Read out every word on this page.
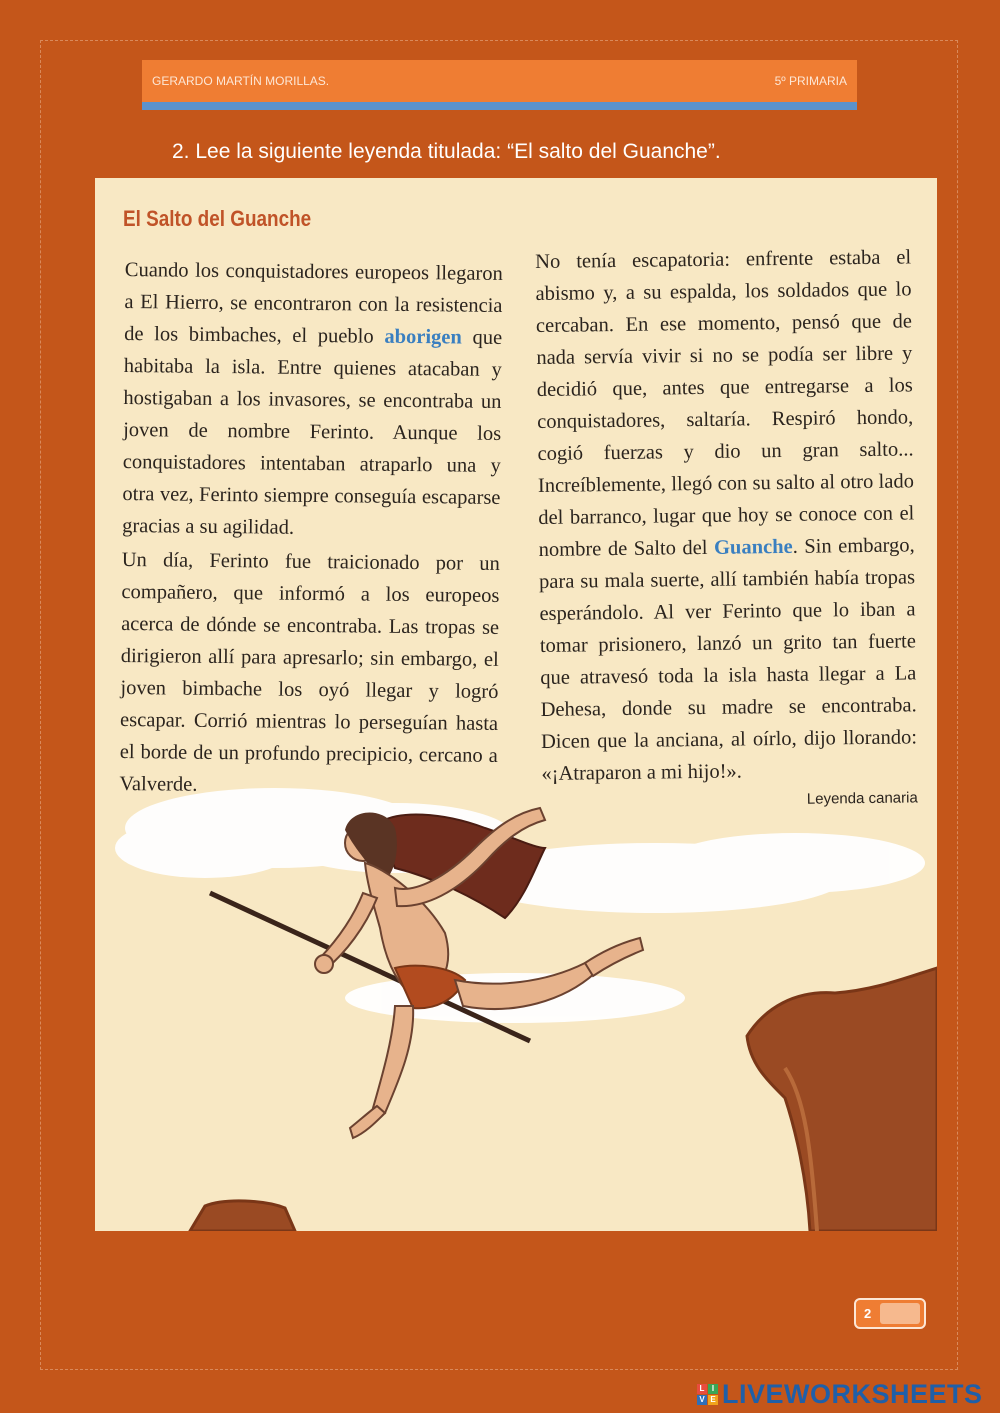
GERARDO MARTÍN MORILLAS.	5º PRIMARIA
2. Lee la siguiente leyenda titulada: “El salto del Guanche”.
El Salto del Guanche

Cuando los conquistadores europeos llegaron a El Hierro, se encontraron con la resistencia de los bimbaches, el pueblo aborigen que habitaba la isla. Entre quienes atacaban y hostigaban a los invasores, se encontraba un joven de nombre Ferinto. Aunque los conquistadores intentaban atraparlo una y otra vez, Ferinto siempre conseguía escaparse gracias a su agilidad.

Un día, Ferinto fue traicionado por un compañero, que informó a los europeos acerca de dónde se encontraba. Las tropas se dirigieron allí para apresarlo; sin embargo, el joven bimbache los oyó llegar y logró escapar. Corrió mientras lo perseguían hasta el borde de un profundo precipicio, cercano a Valverde.

No tenía escapatoria: enfrente estaba el abismo y, a su espalda, los soldados que lo cercaban. En ese momento, pensó que de nada servía vivir si no se podía ser libre y decidió que, antes que entregarse a los conquistadores, saltaría. Respiró hondo, cogió fuerzas y dio un gran salto... Increíblemente, llegó con su salto al otro lado del barranco, lugar que hoy se conoce con el nombre de Salto del Guanche. Sin embargo, para su mala suerte, allí también había tropas esperándolo. Al ver Ferinto que lo iban a tomar prisionero, lanzó un grito tan fuerte que atravesó toda la isla hasta llegar a La Dehesa, donde su madre se encontraba. Dicen que la anciana, al oírlo, dijo llorando: «¡Atraparon a mi hijo!».

Leyenda canaria
2
L I
V E LIVEWORKSHEETS
